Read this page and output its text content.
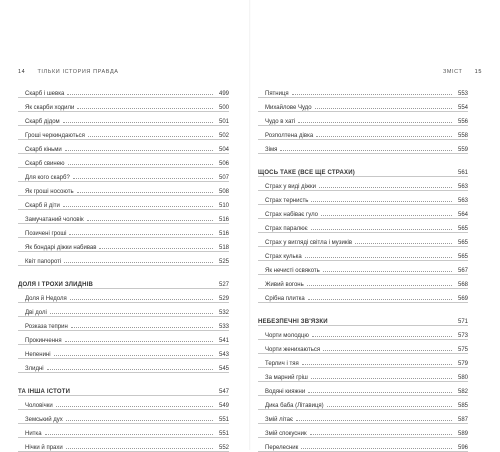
14 ТІЛЬКИ ІСТОРИЯ ПРАВДА	ЗМІСТ 15
Скарб і шевка	499
Як скарби ходили	500
Скарб дідом	501
Гроші черкиндаються	502
Скарб кіньми	504
Скарб свинею	506
Для кого скарб?	507
Як гроші носоють	508
Скарб й діти	510
Замучатаний чоловік	516
Позичені гроші	516
Як бондарі діжки набивав	518
Квіт папороті	525
ДОЛЯ І ТРОХИ ЗЛИДНІВ	527
Доля й Недоля	529
Дві долі	532
Розказа теприн	533
Прокинчення	541
Непенині	543
Злидні	545
ТА ІНША ІСТОТИ	547
Чоловічки	549
Земський дух	551
Нитка	551
Нічки й прахи	552
Пятниця	553
Михайлове Чудо	554
Чудо в хаті	556
Розполтена дівка	558
Зімя	559
ЩОСЬ ТАКЕ (ВСЕ ЩЕ СТРАХИ)	561
Страх у виді діжки	563
Страх тернисть	563
Страх набіває гуло	564
Страх паралює	565
Страх у вигляді світла і музиків	565
Страх кулька	565
Як нечисті освякоть	567
Живий вогонь	568
Срібна плитка	569
НЕБЕЗПЕЧНІ ЗВ'ЯЗКИ	571
Чорти молодцю	573
Чорти женихаються	575
Терлич і тяя	579
За марний гріш	580
Водяні кияжни	582
Дика баба (Літавиця)	585
Змій літає	587
Змій спокусник	589
Перелесник	596
